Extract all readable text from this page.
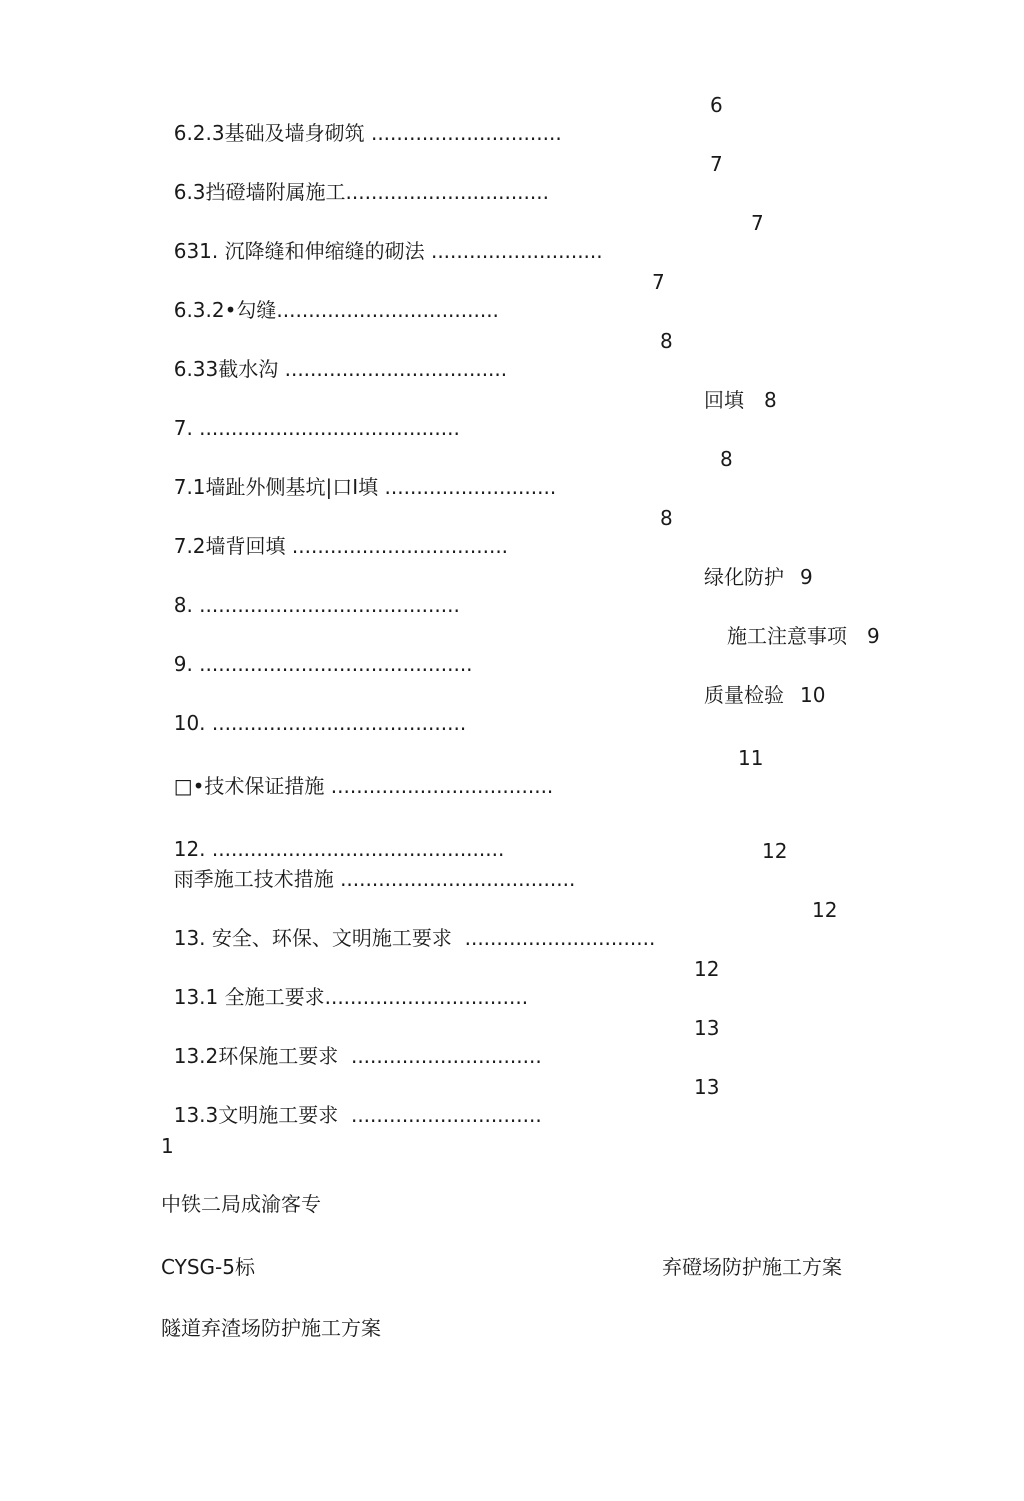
6.2.3基础及墙身砌筑 ..............................
6

6.3挡磴墙附属施工................................
7

631. 沉降缝和伸缩缝的砌法 ...........................
7

6.3.2•勾缝...................................
7

6.33截水沟 ...................................
8

7. .........................................
回填 8

7.1墙趾外侧基坑|口I填 ...........................
8

7.2墙背回填 ..................................
8

8. .........................................
绿化防护 9

9. ...........................................
施工注意事项 9

10. ........................................
质量检验 10

□•技术保证措施 ...................................
11

12. ..............................................

雨季施工技术措施 .....................................
12

13. 安全、环保、文明施工要求  ..............................
12

13.1 全施工要求................................
12

13.2环保施工要求  ..............................
13

13.3文明施工要求  ..............................
13
1
中铁二局成渝客专
CYSG-5标	弃磴场防护施工方案
隧道弃渣场防护施工方案
